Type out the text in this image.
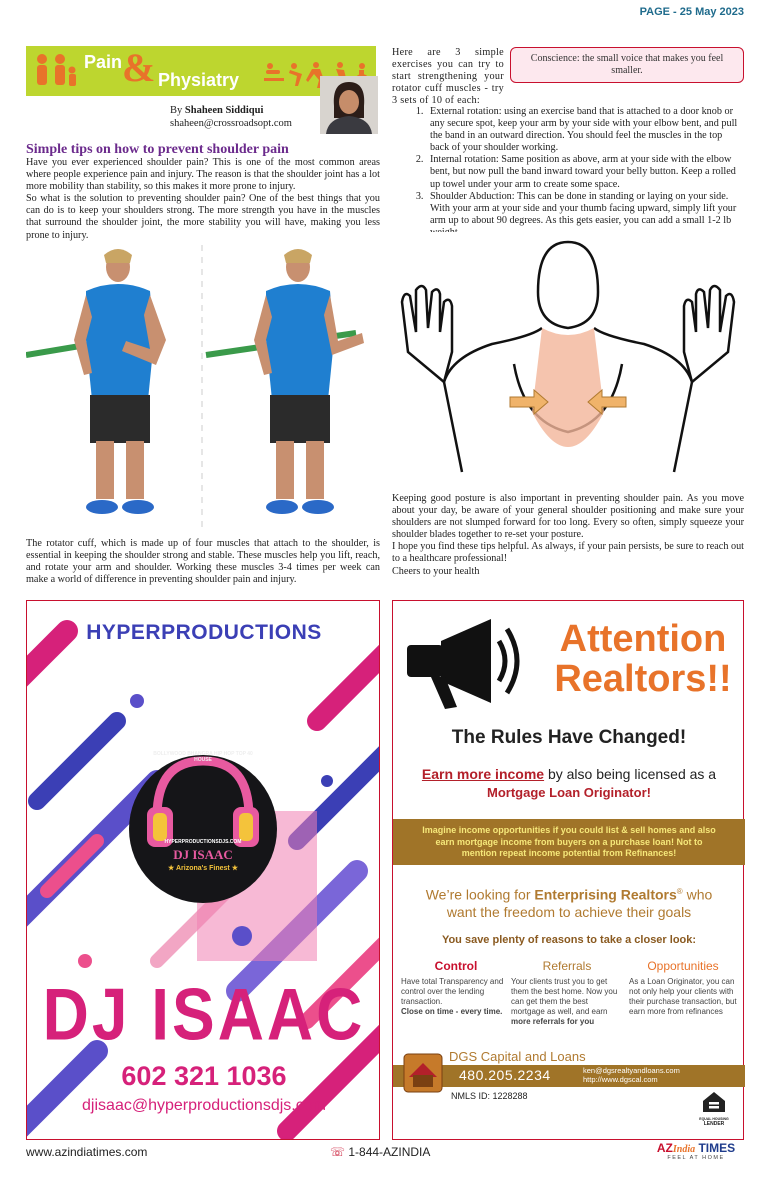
PAGE - 25 May 2023
Pain & Physiatry
By Shaheen Siddiqui
shaheen@crossroadsopt.com
Simple tips on how to prevent shoulder pain

Have you ever experienced shoulder pain? This is one of the most common areas where people experience pain and injury. The reason is that the shoulder joint has a lot more mobility than stability, so this makes it more prone to injury.

So what is the solution to preventing shoulder pain? One of the best things that you can do is to keep your shoulders strong. The more strength you have in the muscles that surround the shoulder joint, the more stability you will have, making you less prone to injury.

The rotator cuff, which is made up of four muscles that attach to the shoulder, is essential in keeping the shoulder strong and stable. These muscles help you lift, reach, and rotate your arm and shoulder. Working these muscles 3-4 times per week can make a world of difference in preventing shoulder pain and injury.
Here are 3 simple exercises you can try to start strengthening your rotator cuff muscles - try 3 sets of 10 of each:
Conscience: the small voice that makes you feel smaller.
1. External rotation: using an exercise band that is attached to a door knob or any secure spot, keep your arm by your side with your elbow bent, and pull the band in an outward direction. You should feel the muscles in the top back of your shoulder working.
2. Internal rotation: Same position as above, arm at your side with the elbow bent, but now pull the band inward toward your belly button. Keep a rolled up towel under your arm to create some space.
3. Shoulder Abduction: This can be done in standing or laying on your side. With your arm at your side and your thumb facing upward, simply lift your arm up to about 90 degrees. As this gets easier, you can add a small 1-2 lb

Keeping good posture is also important in preventing shoulder pain. As you move about your day, be aware of your general shoulder positioning and make sure your shoulders are not slumped forward for too long. Every so often, simply squeeze your shoulder blades together to re-set your posture.

I hope you find these tips helpful. As always, if your pain persists, be sure to reach out to a healthcare professional!

Cheers to your health

HYPERPRODUCTIONS
BOLLYWOOD BHANGRA HIP HOP TOP 40 HOUSE
HYPERPRODUCTIONSDJS.COM
DJ ISAAC
★ Arizona's Finest ★
DJ ISAAC
602 321 1036
djisaac@hyperproductionsdjs.com
Attention
Realtors!!
The Rules Have Changed!
Earn more income by also being licensed as a
Mortgage Loan Originator!
Imagine income opportunities if you could list & sell homes and also earn mortgage income from buyers on a purchase loan! Not to mention repeat income potential from Refinances!
We’re looking for Enterprising Realtors® who want the freedom to achieve their goals
You save plenty of reasons to take a closer look:
Control
Have total Transparency and control over the lending transaction.
Close on time - every time.
Referrals
Your clients trust you to get them the best home. Now you can get them the best mortgage as well, and earn
more referrals for you
Opportunities
As a Loan Originator, you can not only help your clients with their purchase transaction, but earn more from refinances
DGS Capital and Loans
480.205.2234	ken@dgsrealtyandloans.com
http://www.dgscal.com
NMLS ID: 1228288
EQUAL HOUSING
LENDER
www.azindiatimes.com	☏ 1-844-AZINDIA	AZIndia TIMES
FEEL AT HOME
